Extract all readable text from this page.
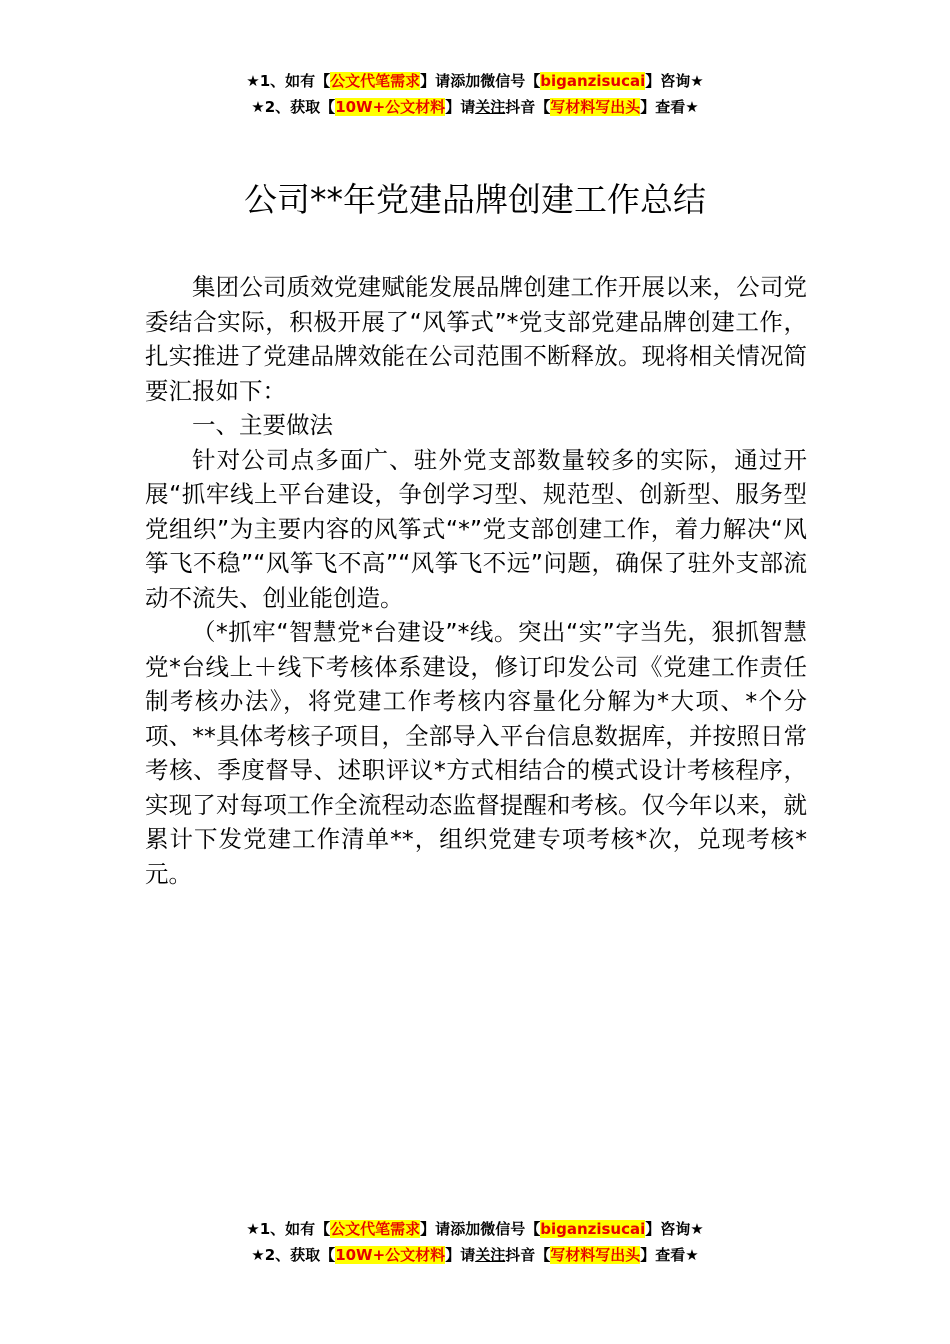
★1、如有【公文代笔需求】请添加微信号【biganzisucai】咨询★
★2、获取【10W+公文材料】请关注抖音【写材料写出头】查看★
公司**年党建品牌创建工作总结

集团公司质效党建赋能发展品牌创建工作开展以来，公司党委结合实际，积极开展了“风筝式”*党支部党建品牌创建工作，扎实推进了党建品牌效能在公司范围不断释放。现将相关情况简要汇报如下：

一、主要做法

针对公司点多面广、驻外党支部数量较多的实际，通过开展“抓牢线上平台建设，争创学习型、规范型、创新型、服务型党组织”为主要内容的风筝式“*”党支部创建工作，着力解决“风筝飞不稳”“风筝飞不高”“风筝飞不远”问题，确保了驻外支部流动不流失、创业能创造。

（*抓牢“智慧党*台建设”*线。突出“实”字当先，狠抓智慧党*台线上＋线下考核体系建设，修订印发公司《党建工作责任制考核办法》，将党建工作考核内容量化分解为*大项、*个分项、**具体考核子项目，全部导入平台信息数据库，并按照日常考核、季度督导、述职评议*方式相结合的模式设计考核程序，实现了对每项工作全流程动态监督提醒和考核。仅今年以来，就累计下发党建工作清单**，组织党建专项考核*次，兑现考核*元。

★1、如有【公文代笔需求】请添加微信号【biganzisucai】咨询★
★2、获取【10W+公文材料】请关注抖音【写材料写出头】查看★
